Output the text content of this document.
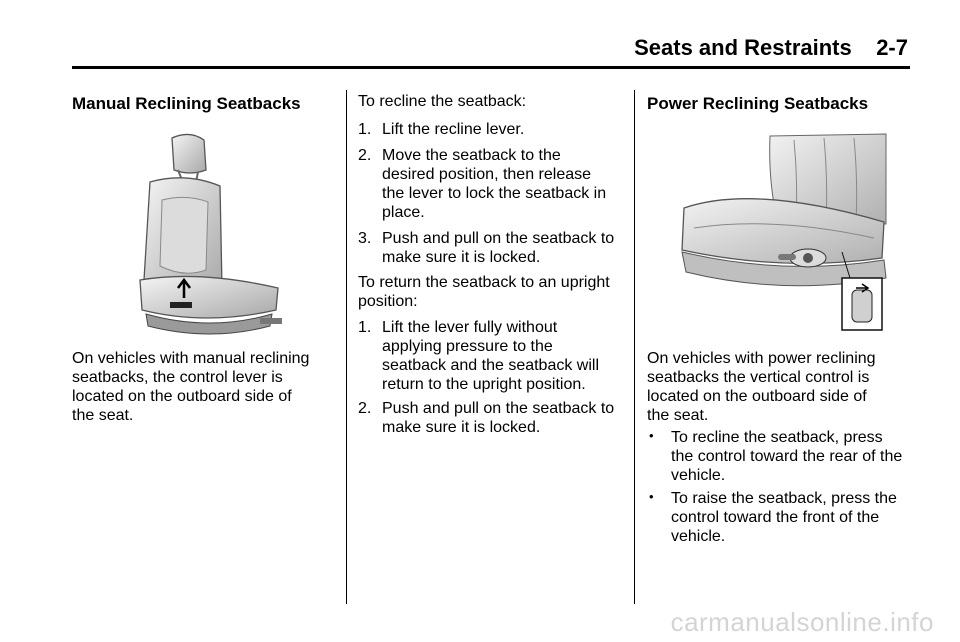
Seats and Restraints    2-7
Manual Reclining Seatbacks

On vehicles with manual reclining
seatbacks, the control lever is
located on the outboard side of
the seat.

To recline the seatback:
1. Lift the recline lever.
2. Move the seatback to the
desired position, then release
the lever to lock the seatback in
place.
3. Push and pull on the seatback to
make sure it is locked.

To return the seatback to an upright
position:

1. Lift the lever fully without
applying pressure to the
seatback and the seatback will
return to the upright position.
2. Push and pull on the seatback to
make sure it is locked.
Power Reclining Seatbacks

On vehicles with power reclining
seatbacks the vertical control is
located on the outboard side of
the seat.

• To recline the seatback, press
the control toward the rear of the
vehicle.
• To raise the seatback, press the
control toward the front of the
vehicle.
carmanualsonline.info
